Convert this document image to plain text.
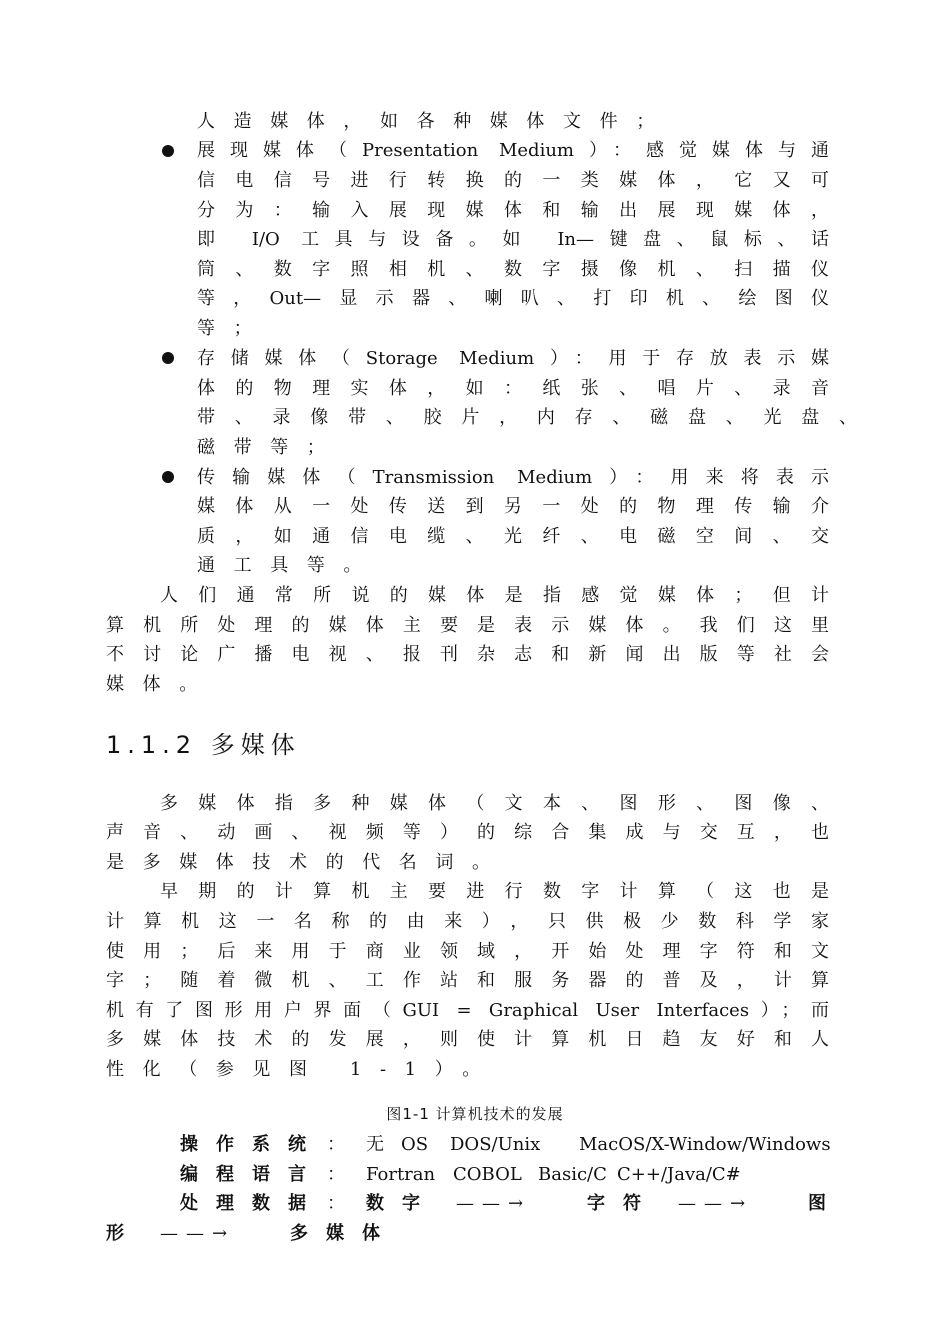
人造媒体，如各种媒体文件；
展现媒体（Presentation Medium）：感觉媒体与通
信电信号进行转换的一类媒体，它又可
分为：输入展现媒体和输出展现媒体，
即 I/O 工具与设备。如 In—键盘、鼠标、话
筒、数字照相机、数字摄像机、扫描仪
等，Out—显示器、喇叭、打印机、绘图仪
等；
存储媒体（Storage Medium）：用于存放表示媒
体的物理实体，如：纸张、唱片、录音
带、录像带、胶片，内存、磁盘、光盘、
磁带等；
传输媒体（Transmission Medium）：用来将表示
媒体从一处传送到另一处的物理传输介
质，如通信电缆、光纤、电磁空间、交
通工具等。
人们通常所说的媒体是指感觉媒体；但计
算机所处理的媒体主要是表示媒体。我们这里
不讨论广播电视、报刊杂志和新闻出版等社会
媒体。
1.1.2 多媒体
多媒体指多种媒体（文本、图形、图像、
声音、动画、视频等）的综合集成与交互，也
是多媒体技术的代名词。
早期的计算机主要进行数字计算（这也是
计算机这一名称的由来），只供极少数科学家
使用；后来用于商业领域，开始处理字符和文
字；随着微机、工作站和服务器的普及，计算
机有了图形用户界面（GUI = Graphical User Interfaces）；而
多媒体技术的发展，则使计算机日趋友好和人
性化（参见图 1-1）。
图1-1 计算机技术的发展
操作系统 ： 无 OS DOS/Unix MacOS/X-Window/Windows
编程语言 ： Fortran COBOL Basic/C C++/Java/C#
处理数据 ： 数字 ——→	字符 ——→	图
形 ——→	多媒体
